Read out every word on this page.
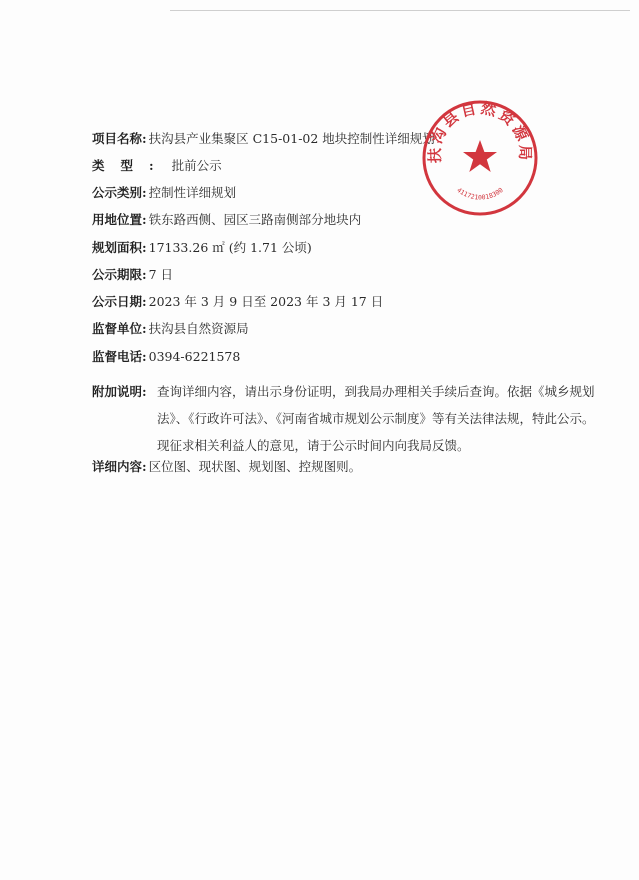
项目名称: 扶沟县产业集聚区 C15-01-02 地块控制性详细规划
类型: 批前公示
公示类别: 控制性详细规划
用地位置: 铁东路西侧、园区三路南侧部分地块内
规划面积: 17133.26 ㎡ (约 1.71 公顷)
公示期限: 7 日
公示日期: 2023 年 3 月 9 日至 2023 年 3 月 17 日
监督单位: 扶沟县自然资源局
监督电话: 0394-6221578
附加说明: 查询详细内容，请出示身份证明，到我局办理相关手续后查询。依据《城乡规划法》、《行政许可法》、《河南省城市规划公示制度》等有关法律法规，特此公示。现征求相关利益人的意见，请于公示时间内向我局反馈。
详细内容: 区位图、现状图、规划图、控规图则。
扶沟县自然资源局
4117210018300
